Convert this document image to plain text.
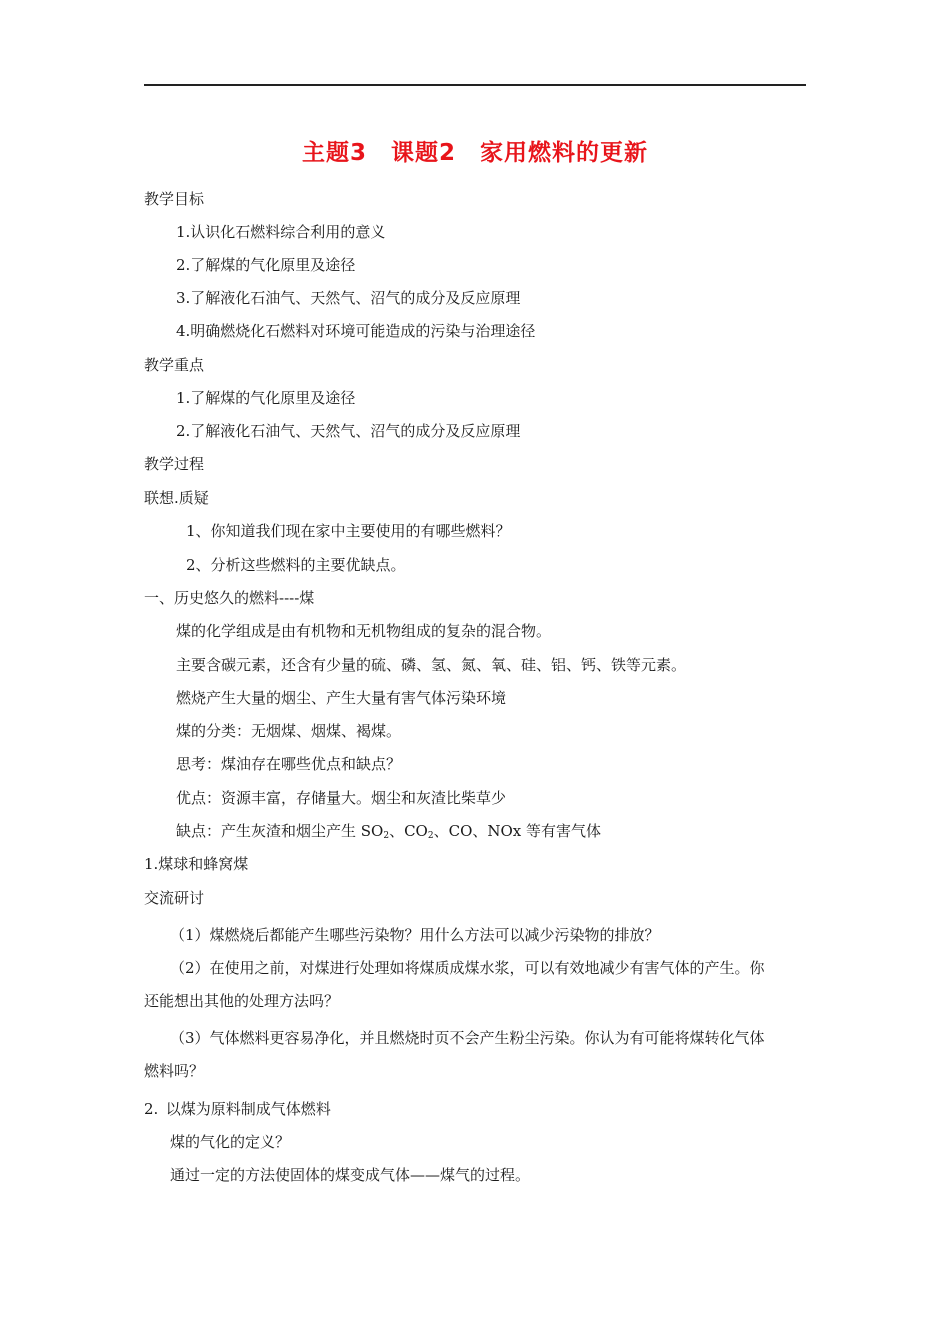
主题3　课题2　家用燃料的更新
教学目标
1.认识化石燃料综合利用的意义
2.了解煤的气化原里及途径
3.了解液化石油气、天然气、沼气的成分及反应原理
4.明确燃烧化石燃料对环境可能造成的污染与治理途径
教学重点
1.了解煤的气化原里及途径
2.了解液化石油气、天然气、沼气的成分及反应原理
教学过程
联想.质疑
1、你知道我们现在家中主要使用的有哪些燃料？
2、分析这些燃料的主要优缺点。
一、历史悠久的燃料----煤
煤的化学组成是由有机物和无机物组成的复杂的混合物。
主要含碳元素，还含有少量的硫、磷、氢、氮、氧、硅、铝、钙、铁等元素。
燃烧产生大量的烟尘、产生大量有害气体污染环境
煤的分类：无烟煤、烟煤、褐煤。
思考：煤油存在哪些优点和缺点？
优点：资源丰富，存储量大。烟尘和灰渣比柴草少
缺点：产生灰渣和烟尘产生 $SO_2$、$CO_2$、CO、NOx 等有害气体
1.煤球和蜂窝煤
交流研讨
（1）煤燃烧后都能产生哪些污染物？用什么方法可以减少污染物的排放？
（2）在使用之前，对煤进行处理如将煤质成煤水浆，可以有效地减少有害气体的产生。你
还能想出其他的处理方法吗？
（3）气体燃料更容易净化，并且燃烧时页不会产生粉尘污染。你认为有可能将煤转化气体
燃料吗？
2. 以煤为原料制成气体燃料
煤的气化的定义？
通过一定的方法使固体的煤变成气体——煤气的过程。
